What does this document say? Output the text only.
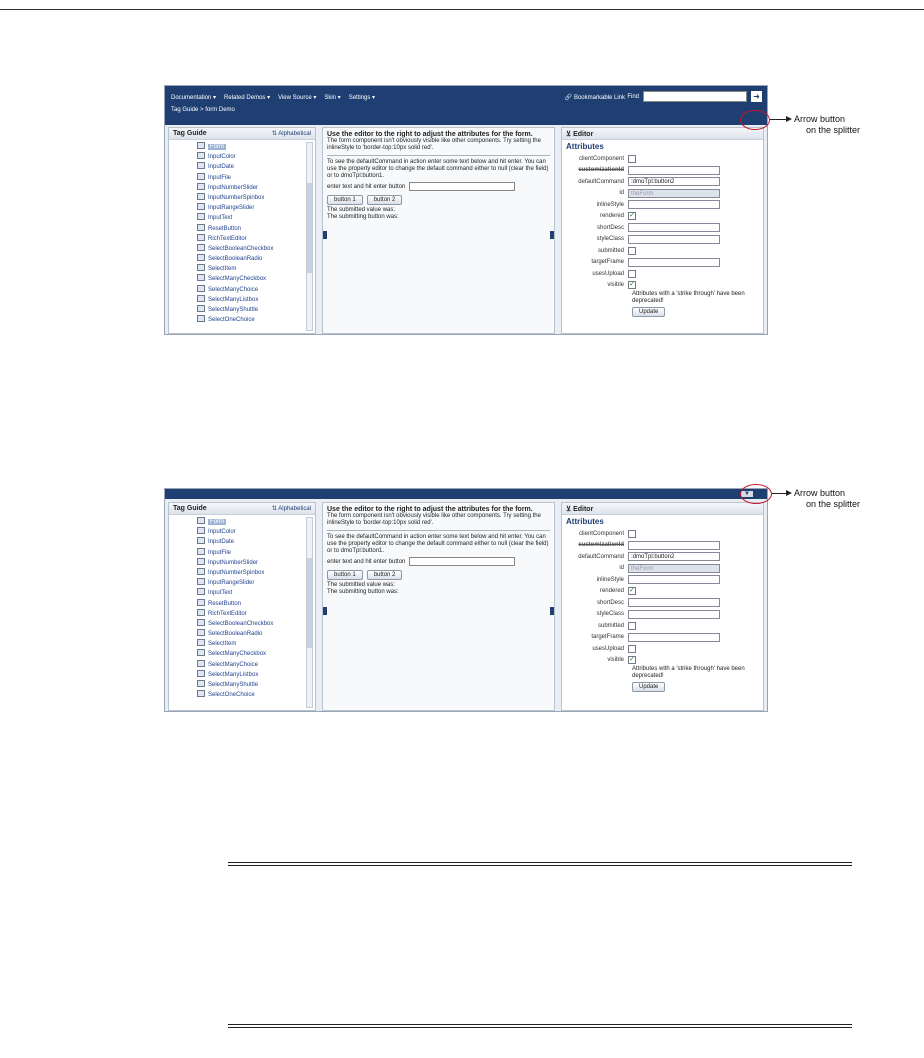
Documentation ▾ Related Demos ▾ View Source ▾ Skin ▾ Settings ▾
Tag Guide > form Demo
🔗 Bookmarkable Link Find	➜
Tag Guide	⇅ Alphabetical
Form
InputColor
InputDate
InputFile
InputNumberSlider
InputNumberSpinbox
InputRangeSlider
InputText
ResetButton
RichTextEditor
SelectBooleanCheckbox
SelectBooleanRadio
SelectItem
SelectManyCheckbox
SelectManyChoice
SelectManyListbox
SelectManyShuttle
SelectOneChoice
Use the editor to the right to adjust the attributes for the form.
The form component isn't obviously visible like other components. Try setting the inlineStyle to 'border-top:10px solid red'.
To see the defaultCommand in action enter some text below and hit enter. You can use the property editor to change the default command either to null (clear the field) or to dmoTpl:button1.
enter text and hit enter button
button 1	button 2
The submitted value was:
The submitting button was:
⊻ Editor
Attributes
clientComponent
customizationId
defaultCommand	:dmoTpl:button2
id	theForm
inlineStyle
rendered ✓
shortDesc
styleClass
submitted
targetFrame
usesUpload
visible ✓
Attributes with a 'strike through' have been deprecated!
Update
Arrow button
on the splitter
▼
Tag Guide	⇅ Alphabetical
Form
InputColor
InputDate
InputFile
InputNumberSlider
InputNumberSpinbox
InputRangeSlider
InputText
ResetButton
RichTextEditor
SelectBooleanCheckbox
SelectBooleanRadio
SelectItem
SelectManyCheckbox
SelectManyChoice
SelectManyListbox
SelectManyShuttle
SelectOneChoice
Use the editor to the right to adjust the attributes for the form.
The form component isn't obviously visible like other components. Try setting the inlineStyle to 'border-top:10px solid red'.
To see the defaultCommand in action enter some text below and hit enter. You can use the property editor to change the default command either to null (clear the field) or to dmoTpl:button1.
enter text and hit enter button
button 1	button 2
The submitted value was:
The submitting button was:
⊻ Editor
Attributes
clientComponent
customizationId
defaultCommand	:dmoTpl:button2
id	theForm
inlineStyle
rendered ✓
shortDesc
styleClass
submitted
targetFrame
usesUpload
visible ✓
Attributes with a 'strike through' have been deprecated!
Update
Arrow button
on the splitter
